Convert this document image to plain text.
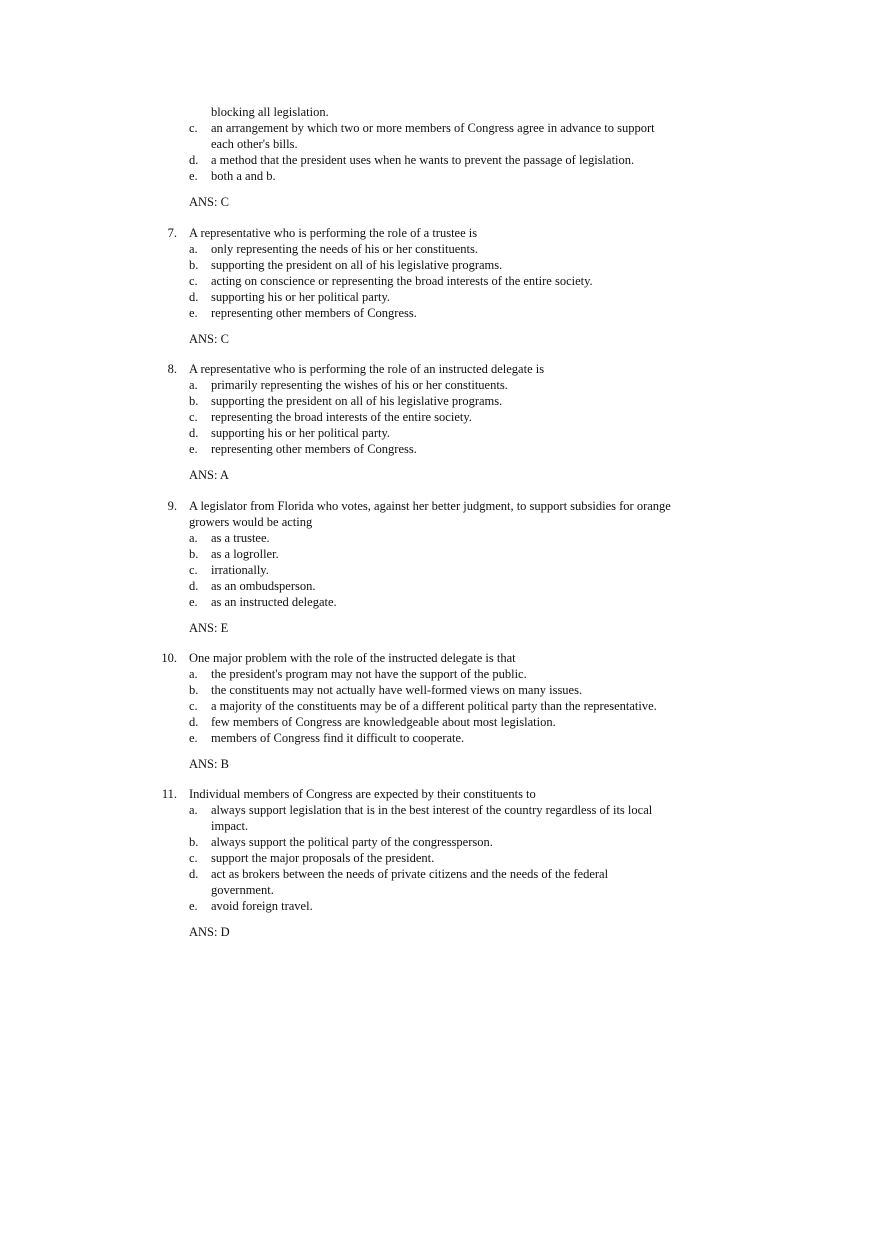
blocking all legislation.
c. an arrangement by which two or more members of Congress agree in advance to support
each other's bills.
d. a method that the president uses when he wants to prevent the passage of legislation.
e. both a and b.
ANS: C
7. A representative who is performing the role of a trustee is
a. only representing the needs of his or her constituents.
b. supporting the president on all of his legislative programs.
c. acting on conscience or representing the broad interests of the entire society.
d. supporting his or her political party.
e. representing other members of Congress.
ANS: C
8. A representative who is performing the role of an instructed delegate is
a. primarily representing the wishes of his or her constituents.
b. supporting the president on all of his legislative programs.
c. representing the broad interests of the entire society.
d. supporting his or her political party.
e. representing other members of Congress.
ANS: A
9. A legislator from Florida who votes, against her better judgment, to support subsidies for orange
growers would be acting
a. as a trustee.
b. as a logroller.
c. irrationally.
d. as an ombudsperson.
e. as an instructed delegate.
ANS: E
10. One major problem with the role of the instructed delegate is that
a. the president's program may not have the support of the public.
b. the constituents may not actually have well-formed views on many issues.
c. a majority of the constituents may be of a different political party than the representative.
d. few members of Congress are knowledgeable about most legislation.
e. members of Congress find it difficult to cooperate.
ANS: B
11. Individual members of Congress are expected by their constituents to
a. always support legislation that is in the best interest of the country regardless of its local
impact.
b. always support the political party of the congressperson.
c. support the major proposals of the president.
d. act as brokers between the needs of private citizens and the needs of the federal
government.
e. avoid foreign travel.
ANS: D
